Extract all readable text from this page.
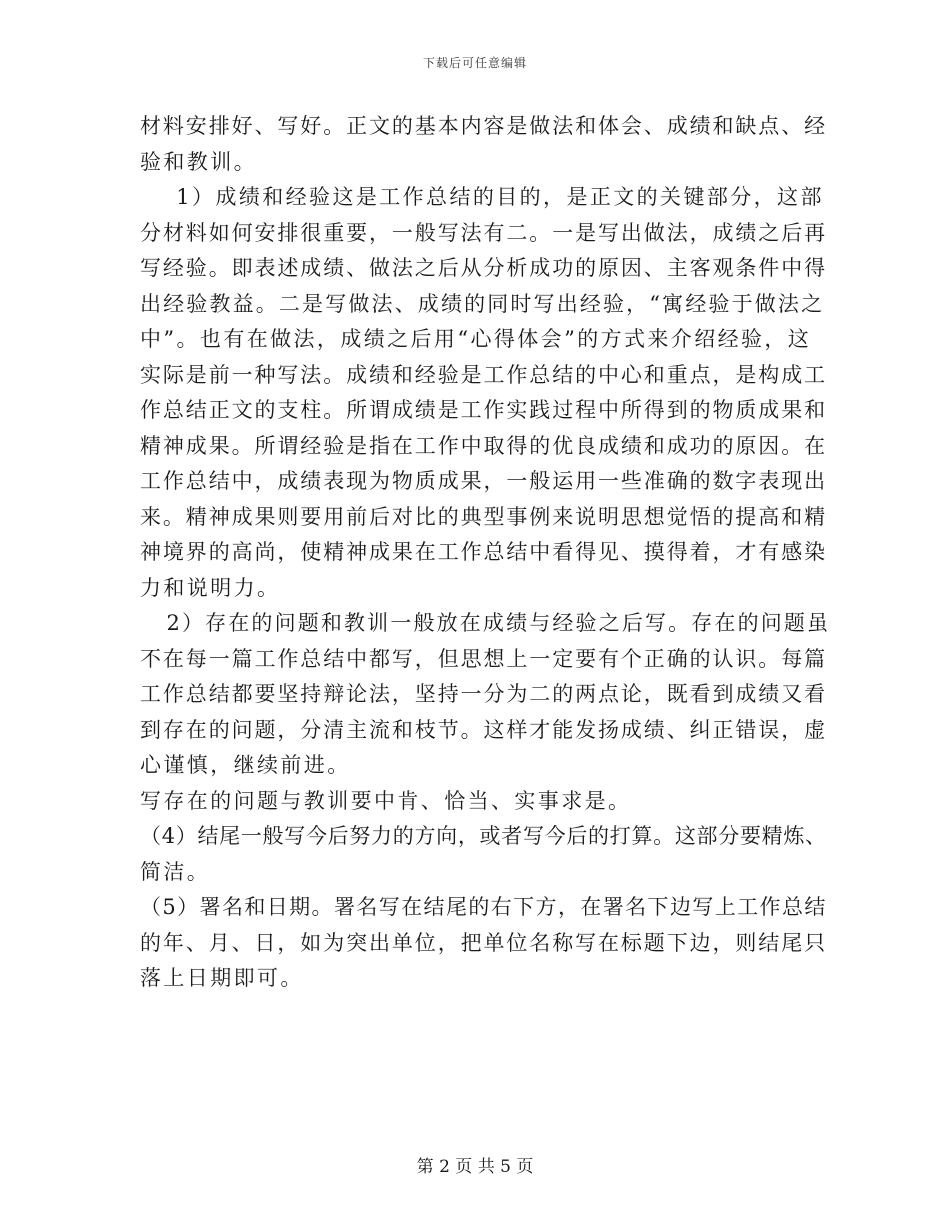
下载后可任意编辑
材料安排好、写好。正文的基本内容是做法和体会、成绩和缺点、经
验和教训。
1）成绩和经验这是工作总结的目的，是正文的关键部分，这部
分材料如何安排很重要，一般写法有二。一是写出做法，成绩之后再
写经验。即表述成绩、做法之后从分析成功的原因、主客观条件中得
出经验教益。二是写做法、成绩的同时写出经验，“寓经验于做法之
中”。也有在做法，成绩之后用“心得体会”的方式来介绍经验，这
实际是前一种写法。成绩和经验是工作总结的中心和重点，是构成工
作总结正文的支柱。所谓成绩是工作实践过程中所得到的物质成果和
精神成果。所谓经验是指在工作中取得的优良成绩和成功的原因。在
工作总结中，成绩表现为物质成果，一般运用一些准确的数字表现出
来。精神成果则要用前后对比的典型事例来说明思想觉悟的提高和精
神境界的高尚，使精神成果在工作总结中看得见、摸得着，才有感染
力和说明力。
2）存在的问题和教训一般放在成绩与经验之后写。存在的问题虽
不在每一篇工作总结中都写，但思想上一定要有个正确的认识。每篇
工作总结都要坚持辩论法，坚持一分为二的两点论，既看到成绩又看
到存在的问题，分清主流和枝节。这样才能发扬成绩、纠正错误，虚
心谨慎，继续前进。
写存在的问题与教训要中肯、恰当、实事求是。
（4）结尾一般写今后努力的方向，或者写今后的打算。这部分要精炼、
简洁。
（5）署名和日期。署名写在结尾的右下方，在署名下边写上工作总结
的年、月、日，如为突出单位，把单位名称写在标题下边，则结尾只
落上日期即可。
第 2 页 共 5 页
